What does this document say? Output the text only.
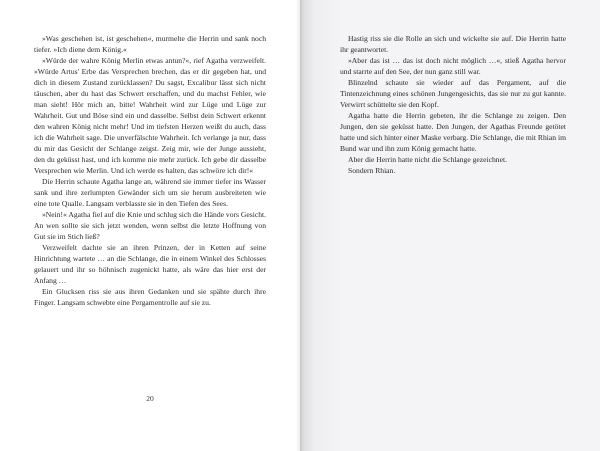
»Was geschehen ist, ist geschehen«, murmelte die Herrin und sank noch tiefer. »Ich diene dem König.«

»Würde der wahre König Merlin etwas antun?«, rief Agatha verzweifelt. »Würde Artus' Erbe das Versprechen brechen, das er dir gegeben hat, und dich in diesem Zustand zurücklassen? Du sagst, Excalibur lässt sich nicht täuschen, aber du hast das Schwert erschaffen, und du machst Fehler, wie man sieht! Hör mich an, bitte! Wahrheit wird zur Lüge und Lüge zur Wahrheit. Gut und Böse sind ein und dasselbe. Selbst dein Schwert erkennt den wahren König nicht mehr! Und im tiefsten Herzen weißt du auch, dass ich die Wahrheit sage. Die unverfälschte Wahrheit. Ich verlange ja nur, dass du mir das Gesicht der Schlange zeigst. Zeig mir, wie der Junge aussieht, den du geküsst hast, und ich komme nie mehr zurück. Ich gebe dir dasselbe Versprechen wie Merlin. Und ich werde es halten, das schwöre ich dir!«

Die Herrin schaute Agatha lange an, während sie immer tiefer ins Wasser sank und ihre zerlumpten Gewänder sich um sie herum ausbreiteten wie eine tote Qualle. Langsam verblasste sie in den Tiefen des Sees.

»Nein!« Agatha fiel auf die Knie und schlug sich die Hände vors Gesicht. An wen sollte sie sich jetzt wenden, wenn selbst die letzte Hoffnung von Gut sie im Stich ließ?

Verzweifelt dachte sie an ihren Prinzen, der in Ketten auf seine Hinrichtung wartete … an die Schlange, die in einem Winkel des Schlosses gelauert und ihr so höhnisch zugenickt hatte, als wäre das hier erst der Anfang …

Ein Glucksen riss sie aus ihren Gedanken und sie spähte durch ihre Finger. Langsam schwebte eine Pergamentrolle auf sie zu.

20

Hastig riss sie die Rolle an sich und wickelte sie auf. Die Herrin hatte ihr geantwortet.

»Aber das ist … das ist doch nicht möglich …«, stieß Agatha hervor und starrte auf den See, der nun ganz still war.

Blinzelnd schaute sie wieder auf das Pergament, auf die Tintenzeichnung eines schönen Jungengesichts, das sie nur zu gut kannte. Verwirrt schüttelte sie den Kopf.

Agatha hatte die Herrin gebeten, ihr die Schlange zu zeigen. Den Jungen, den sie geküsst hatte. Den Jungen, der Agathas Freunde getötet hatte und sich hinter einer Maske verbarg. Die Schlange, die mit Rhian im Bund war und ihn zum König gemacht hatte.

Aber die Herrin hatte nicht die Schlange gezeichnet.

Sondern Rhian.
